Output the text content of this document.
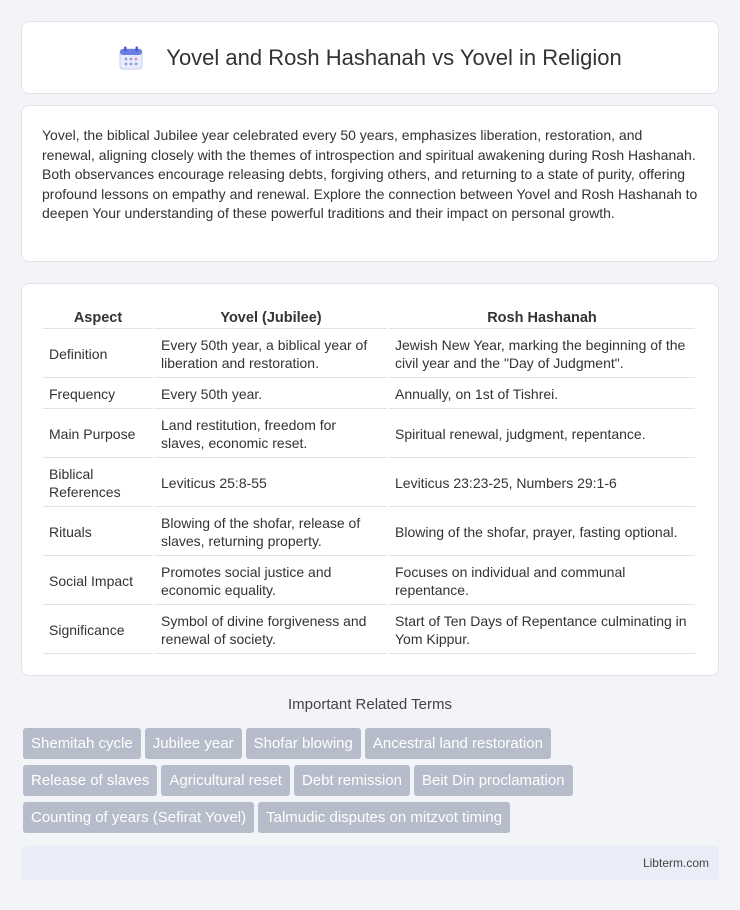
Yovel and Rosh Hashanah vs Yovel in Religion

Yovel, the biblical Jubilee year celebrated every 50 years, emphasizes liberation, restoration, and renewal, aligning closely with the themes of introspection and spiritual awakening during Rosh Hashanah. Both observances encourage releasing debts, forgiving others, and returning to a state of purity, offering profound lessons on empathy and renewal. Explore the connection between Yovel and Rosh Hashanah to deepen Your understanding of these powerful traditions and their impact on personal growth.

Aspect	Yovel (Jubilee)	Rosh Hashanah
Definition	Every 50th year, a biblical year of liberation and restoration.	Jewish New Year, marking the beginning of the civil year and the "Day of Judgment".
Frequency	Every 50th year.	Annually, on 1st of Tishrei.
Main Purpose	Land restitution, freedom for slaves, economic reset.	Spiritual renewal, judgment, repentance.
Biblical References	Leviticus 25:8-55	Leviticus 23:23-25, Numbers 29:1-6
Rituals	Blowing of the shofar, release of slaves, returning property.	Blowing of the shofar, prayer, fasting optional.
Social Impact	Promotes social justice and economic equality.	Focuses on individual and communal repentance.
Significance	Symbol of divine forgiveness and renewal of society.	Start of Ten Days of Repentance culminating in Yom Kippur.
Important Related Terms
Shemitah cycle Jubilee year Shofar blowing Ancestral land restoration
Release of slaves Agricultural reset Debt remission Beit Din proclamation
Counting of years (Sefirat Yovel) Talmudic disputes on mitzvot timing
Libterm.com
